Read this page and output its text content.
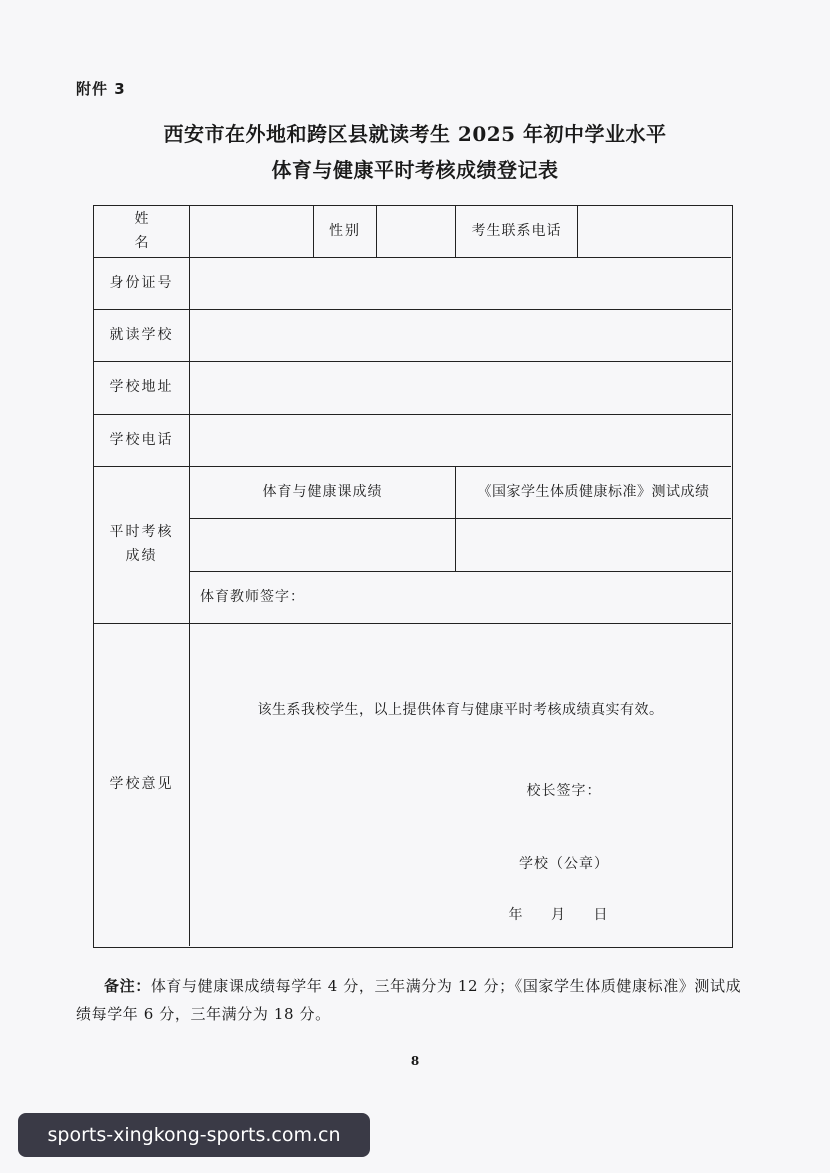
附件 3
西安市在外地和跨区县就读考生 2025 年初中学业水平
体育与健康平时考核成绩登记表
姓 名
性别	考生联系电话
身份证号
就读学校
学校地址
学校电话
平时考核
成绩
体育与健康课成绩	《国家学生体质健康标准》测试成绩
体育教师签字：
学校意见
该生系我校学生，以上提供体育与健康平时考核成绩真实有效。
校长签字：
学校（公章）
年 月 日
备注：体育与健康课成绩每学年 4 分，三年满分为 12 分；《国家学生体质健康标准》测试成绩每学年 6 分，三年满分为 18 分。
8
sports-xingkong-sports.com.cn
